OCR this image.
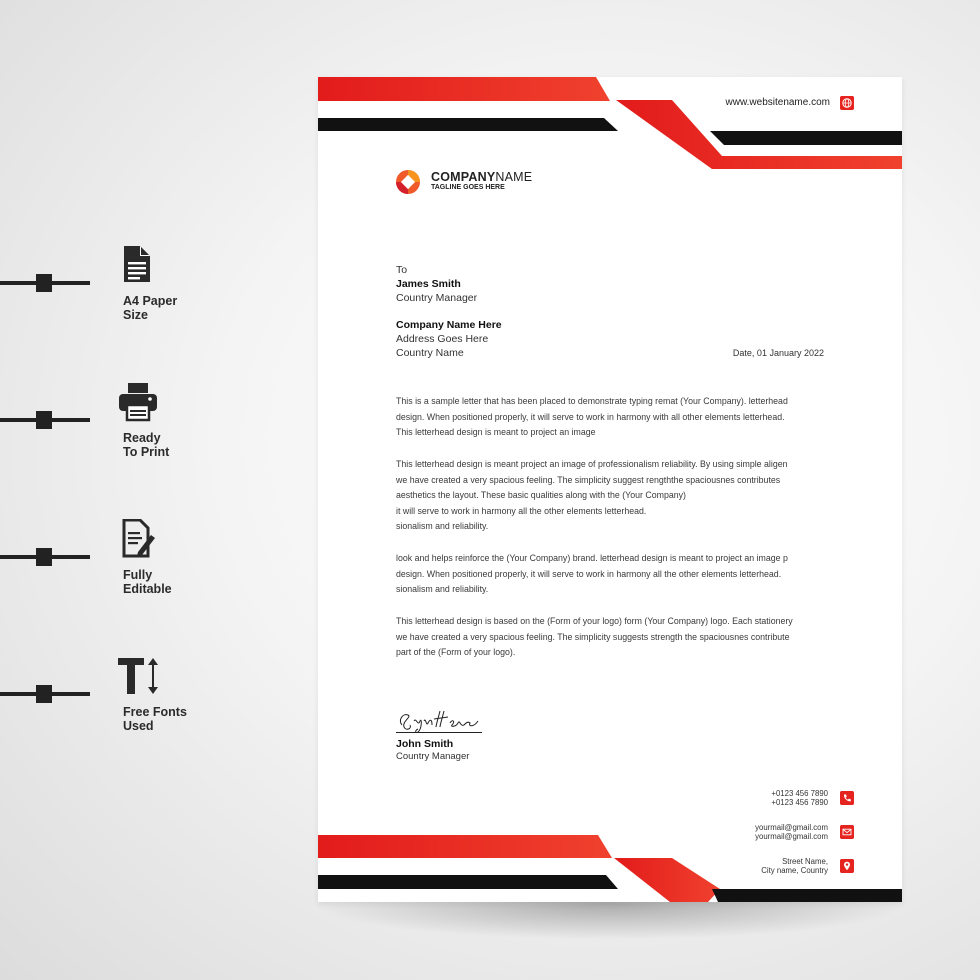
A4 Paper
Size
Ready
To Print
Fully
Editable
Free Fonts
Used
www.websitename.com
COMPANYNAME
TAGLINE GOES HERE
To
James Smith
Country Manager
Company Name Here
Address Goes Here
Country Name	Date, 01 January 2022
This is a sample letter that has been placed to demonstrate typing remat (Your Company). letterhead
design. When positioned properly, it will serve to work in harmony with all other elements letterhead.
This letterhead design is meant to project an image
This letterhead design is meant project an image of professionalism reliability. By using simple aligen
we have created a very spacious feeling. The simplicity suggest rengththe spaciousnes contributes
aesthetics the layout. These basic qualities along with the (Your Company)
it will serve to work in harmony all the other elements letterhead.
sionalism and reliability.
look and helps reinforce the (Your Company) brand. letterhead design is meant to project an image p
design. When positioned properly, it will serve to work in harmony all the other elements letterhead.
sionalism and reliability.
This letterhead design is based on the (Form of your logo) form (Your Company) logo. Each stationery
we have created a very spacious feeling. The simplicity suggests strength the spaciousnes contribute
part of the (Form of your logo).
John Smith
Country Manager
+0123 456 7890
+0123 456 7890
yourmail@gmail.com
yourmail@gmail.com
Street Name,
City name, Country
